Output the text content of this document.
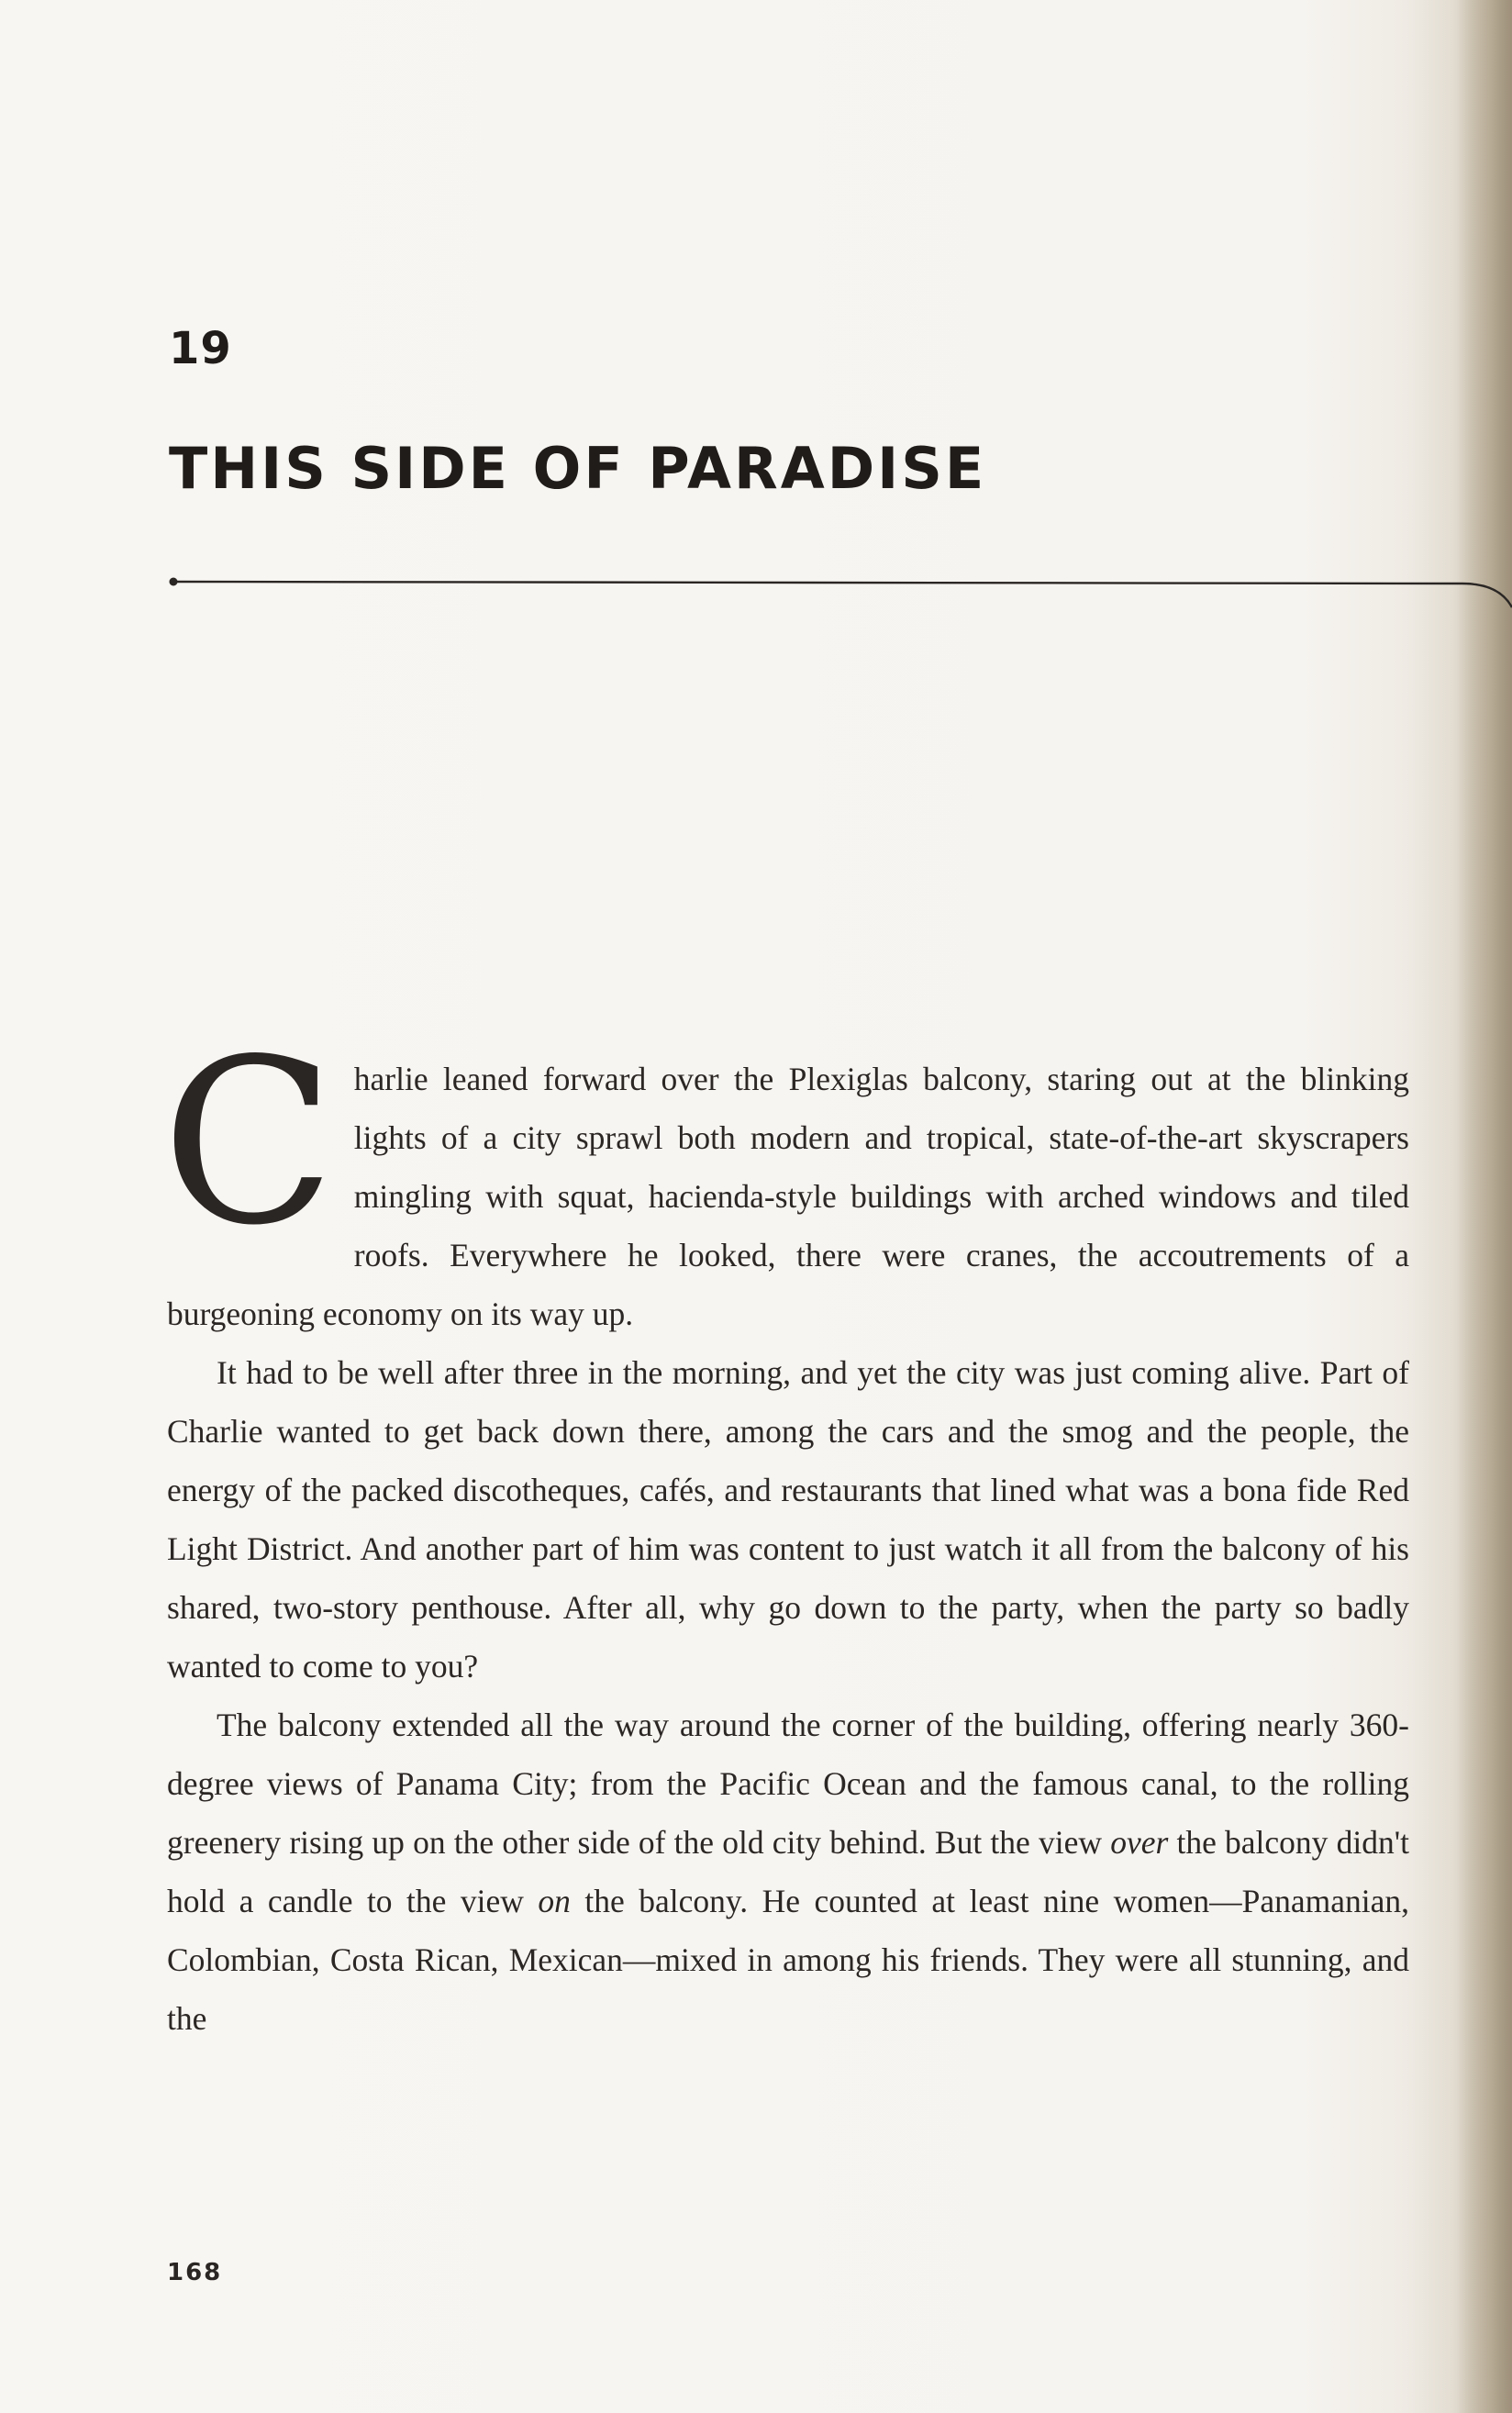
19
THIS SIDE OF PARADISE

C harlie leaned forward over the Plexiglas balcony, staring out at the blinking lights of a city sprawl both modern and tropical, state-of-the-art skyscrapers mingling with squat, hacienda-style buildings with arched windows and tiled roofs. Everywhere he looked, there were cranes, the accoutrements of a burgeoning economy on its way up.

It had to be well after three in the morning, and yet the city was just coming alive. Part of Charlie wanted to get back down there, among the cars and the smog and the people, the energy of the packed discotheques, cafés, and restaurants that lined what was a bona fide Red Light District. And another part of him was content to just watch it all from the balcony of his shared, two-story penthouse. After all, why go down to the party, when the party so badly wanted to come to you?

The balcony extended all the way around the corner of the building, offering nearly 360-degree views of Panama City; from the Pacific Ocean and the famous canal, to the rolling greenery rising up on the other side of the old city behind. But the view over the balcony didn't hold a candle to the view on the balcony. He counted at least nine women—Panamanian, Colombian, Costa Rican, Mexican—mixed in among his friends. They were all stunning, and the

168
